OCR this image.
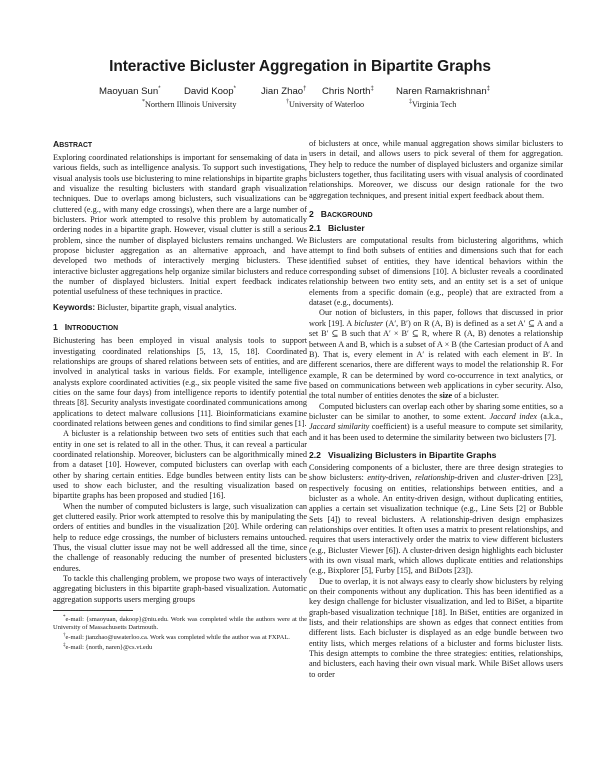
Interactive Bicluster Aggregation in Bipartite Graphs
Maoyuan Sun* David Koop*	Jian Zhao† Chris North‡ Naren Ramakrishnan‡
*Northern Illinois University	†University of Waterloo	‡Virginia Tech
ABSTRACT

Exploring coordinated relationships is important for sensemaking of data in various fields, such as intelligence analysis. To support such investigations, visual analysis tools use biclustering to mine relationships in bipartite graphs and visualize the resulting biclusters with standard graph visualization techniques. Due to overlaps among biclusters, such visualizations can be cluttered (e.g., with many edge crossings), when there are a large number of biclusters. Prior work attempted to resolve this problem by automatically ordering nodes in a bipartite graph. However, visual clutter is still a serious problem, since the number of displayed biclusters remains unchanged. We propose bicluster aggregation as an alternative approach, and have developed two methods of interactively merging biclusters. These interactive bicluster aggregations help organize similar biclusters and reduce the number of displayed biclusters. Initial expert feedback indicates potential usefulness of these techniques in practice.

Keywords: Bicluster, bipartite graph, visual analytics.

1 INTRODUCTION

Bichustering has been employed in visual analysis tools to support investigating coordinated relationships [5, 13, 15, 18]. Coordinated relationships are groups of shared relations between sets of entities, and are involved in analytical tasks in various fields. For example, intelligence analysts explore coordinated activities (e.g., six people visited the same five cities on the same four days) from intelligence reports to identify potential threats [8]. Security analysts investigate coordinated communications among applications to detect malware collusions [11]. Bioinformaticians examine coordinated relations between genes and conditions to find similar genes [1].

A bicluster is a relationship between two sets of entities such that each entity in one set is related to all in the other. Thus, it can reveal a particular coordinated relationship. Moreover, biclusters can be algorithmically mined from a dataset [10]. However, computed biclusters can overlap with each other by sharing certain entities. Edge bundles between entity lists can be used to show each bicluster, and the resulting visualization based on bipartite graphs has been proposed and studied [16].

When the number of computed biclusters is large, such visualization can get cluttered easily. Prior work attempted to resolve this by manipulating the orders of entities and bundles in the visualization [20]. While ordering can help to reduce edge crossings, the number of biclusters remains untouched. Thus, the visual clutter issue may not be well addressed all the time, since the challenge of reasonably reducing the number of presented biclusters endures.

To tackle this challenging problem, we propose two ways of interactively aggregating biclusters in this bipartite graph-based visualization. Automatic aggregation supports users merging groups

*e-mail: {smaoyuan, dakoop}@niu.edu. Work was completed while the authors were at the University of Massachusetts Dartmouth.

†e-mail: jianzhao@uwaterloo.ca. Work was completed while the author was at FXPAL.

‡e-mail: {north, naren}@cs.vt.edu

of biclusters at once, while manual aggregation shows similar biclusters to users in detail, and allows users to pick several of them for aggregation. They help to reduce the number of displayed biclusters and organize similar biclusters together, thus facilitating users with visual analysis of coordinated relationships. Moreover, we discuss our design rationale for the two aggregation techniques, and present initial expert feedback about them.

2 BACKGROUND
2.1 Bicluster

Biclusters are computational results from biclustering algorithms, which attempt to find both subsets of entities and dimensions such that for each identified subset of entities, they have identical behaviors within the corresponding subset of dimensions [10]. A bicluster reveals a coordinated relationship between two entity sets, and an entity set is a set of unique elements from a specific domain (e.g., people) that are extracted from a dataset (e.g., documents).

Our notion of biclusters, in this paper, follows that discussed in prior work [19]. A bicluster (A′, B′) on R (A, B) is defined as a set A′ ⊆ A and a set B′ ⊆ B such that A′ × B′ ⊆ R, where R (A, B) denotes a relationship between A and B, which is a subset of A × B (the Cartesian product of A and B). That is, every element in A′ is related with each element in B′. In different scenarios, there are different ways to model the relationship R. For example, R can be determined by word co-occurrence in text analytics, or based on communications between web applications in cyber security. Also, the total number of entities denotes the size of a bicluster.

Computed biclusters can overlap each other by sharing some entities, so a bicluster can be similar to another, to some extent. Jaccard index (a.k.a., Jaccard similarity coefficient) is a useful measure to compute set similarity, and it has been used to determine the similarity between two biclusters [7].

2.2 Visualizing Biclusters in Bipartite Graphs

Considering components of a bicluster, there are three design strategies to show biclusters: entity-driven, relationship-driven and cluster-driven [23], respectively focusing on entities, relationships between entities, and a bicluster as a whole. An entity-driven design, without duplicating entities, applies a certain set visualization technique (e.g., Line Sets [2] or Bubble Sets [4]) to reveal biclusters. A relationship-driven design emphasizes relationships over entities. It often uses a matrix to present relationships, and requires that users interactively order the matrix to view different biclusters (e.g., Bicluster Viewer [6]). A cluster-driven design highlights each bicluster with its own visual mark, which allows duplicate entities and relationships (e.g., Bixplorer [5], Furby [15], and BiDots [23]).

Due to overlap, it is not always easy to clearly show biclusters by relying on their components without any duplication. This has been identified as a key design challenge for bicluster visualization, and led to BiSet, a bipartite graph-based visualization technique [18]. In BiSet, entities are organized in lists, and their relationships are shown as edges that connect entities from different lists. Each bicluster is displayed as an edge bundle between two entity lists, which merges relations of a bicluster and forms bicluster lists. This design attempts to combine the three strategies: entities, relationships, and biclusters, each having their own visual mark. While BiSet allows users to order
